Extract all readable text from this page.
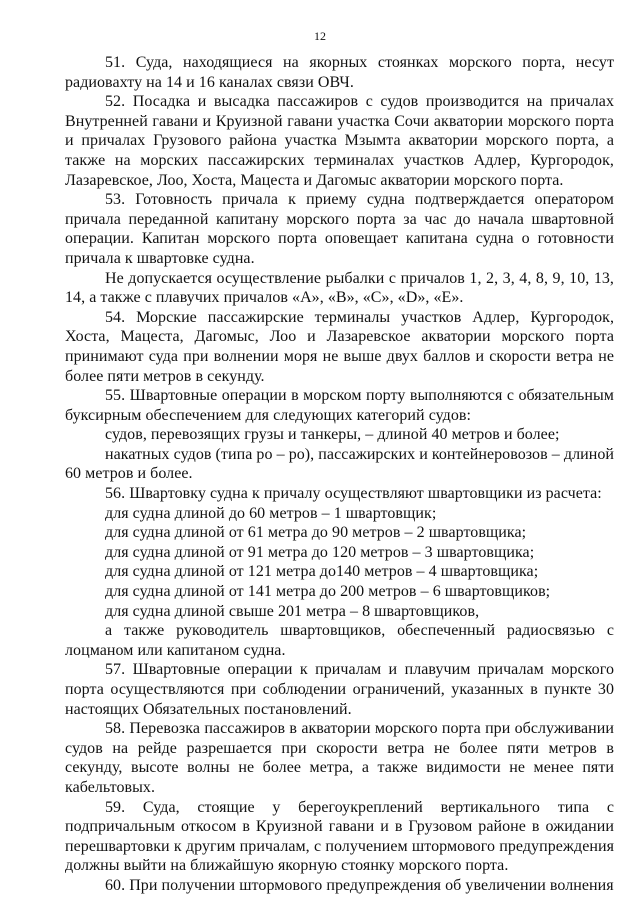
12

51. Суда, находящиеся на якорных стоянках морского порта, несут радиовахту на 14 и 16 каналах связи ОВЧ.

52. Посадка и высадка пассажиров с судов производится на причалах Внутренней гавани и Круизной гавани участка Сочи акватории морского порта и причалах Грузового района участка Мзымта акватории морского порта, а также на морских пассажирских терминалах участков Адлер, Кургородок, Лазаревское, Лоо, Хоста, Мацеста и Дагомыс акватории морского порта.

53. Готовность причала к приему судна подтверждается оператором причала переданной капитану морского порта за час до начала швартовной операции. Капитан морского порта оповещает капитана судна о готовности причала к швартовке судна.

Не допускается осуществление рыбалки с причалов 1, 2, 3, 4, 8, 9, 10, 13, 14, а также с плавучих причалов «А», «В», «С», «D», «Е».

54. Морские пассажирские терминалы участков Адлер, Кургородок, Хоста, Мацеста, Дагомыс, Лоо и Лазаревское акватории морского порта принимают суда при волнении моря не выше двух баллов и скорости ветра не более пяти метров в секунду.

55. Швартовные операции в морском порту выполняются с обязательным буксирным обеспечением для следующих категорий судов:

судов, перевозящих грузы и танкеры, – длиной 40 метров и более;

накатных судов (типа ро – ро), пассажирских и контейнеровозов – длиной 60 метров и более.

56. Швартовку судна к причалу осуществляют швартовщики из расчета:

для судна длиной до 60 метров – 1 швартовщик;

для судна длиной от 61 метра до 90 метров – 2 швартовщика;

для судна длиной от 91 метра до 120 метров – 3 швартовщика;

для судна длиной от 121 метра до140 метров – 4 швартовщика;

для судна длиной от 141 метра до 200 метров – 6 швартовщиков;

для судна длиной свыше 201 метра – 8 швартовщиков,

а также руководитель швартовщиков, обеспеченный радиосвязью с лоцманом или капитаном судна.

57. Швартовные операции к причалам и плавучим причалам морского порта осуществляются при соблюдении ограничений, указанных в пункте 30 настоящих Обязательных постановлений.

58. Перевозка пассажиров в акватории морского порта при обслуживании судов на рейде разрешается при скорости ветра не более пяти метров в секунду, высоте волны не более метра, а также видимости не менее пяти кабельтовых.

59. Суда, стоящие у берегоукреплений вертикального типа с подпричальным откосом в Круизной гавани и в Грузовом районе в ожидании перешвартовки к другим причалам, с получением штормового предупреждения должны выйти на ближайшую якорную стоянку морского порта.

60. При получении штормового предупреждения об увеличении волнения
